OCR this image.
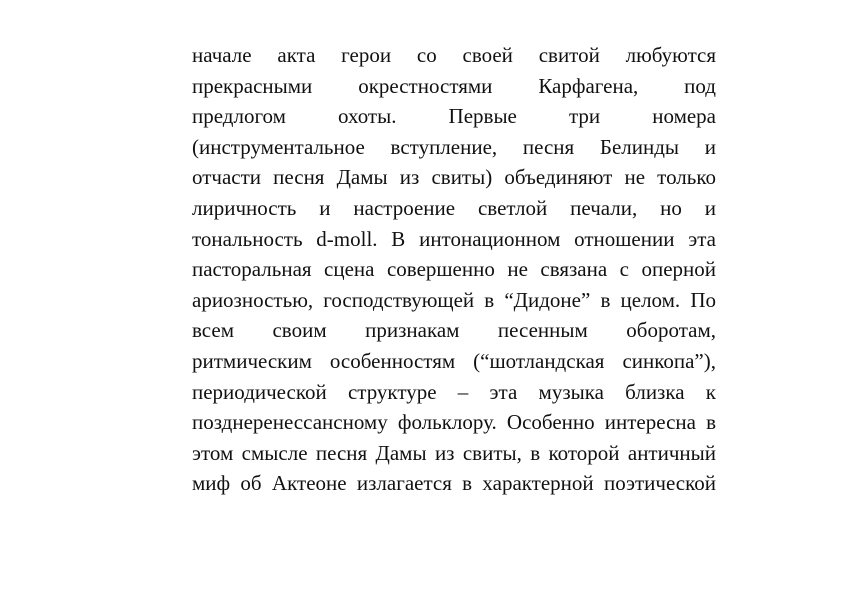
начале акта герои со своей свитой любуются
прекрасными окрестностями Карфагена, под
предлогом охоты. Первые три номера
(инструментальное вступление, песня Белинды и
отчасти песня Дамы из свиты) объединяют не только
лиричность и настроение светлой печали, но и
тональность d-moll. В интонационном отношении эта
пасторальная сцена совершенно не связана с оперной
ариозностью, господствующей в “Дидоне” в целом. По
всем своим признакам песенным оборотам,
ритмическим особенностям (“шотландская синкопа”),
периодической структуре – эта музыка близка к
позднеренессансному фольклору. Особенно интересна в
этом смысле песня Дамы из свиты, в которой античный
миф об Актеоне излагается в характерной поэтической
